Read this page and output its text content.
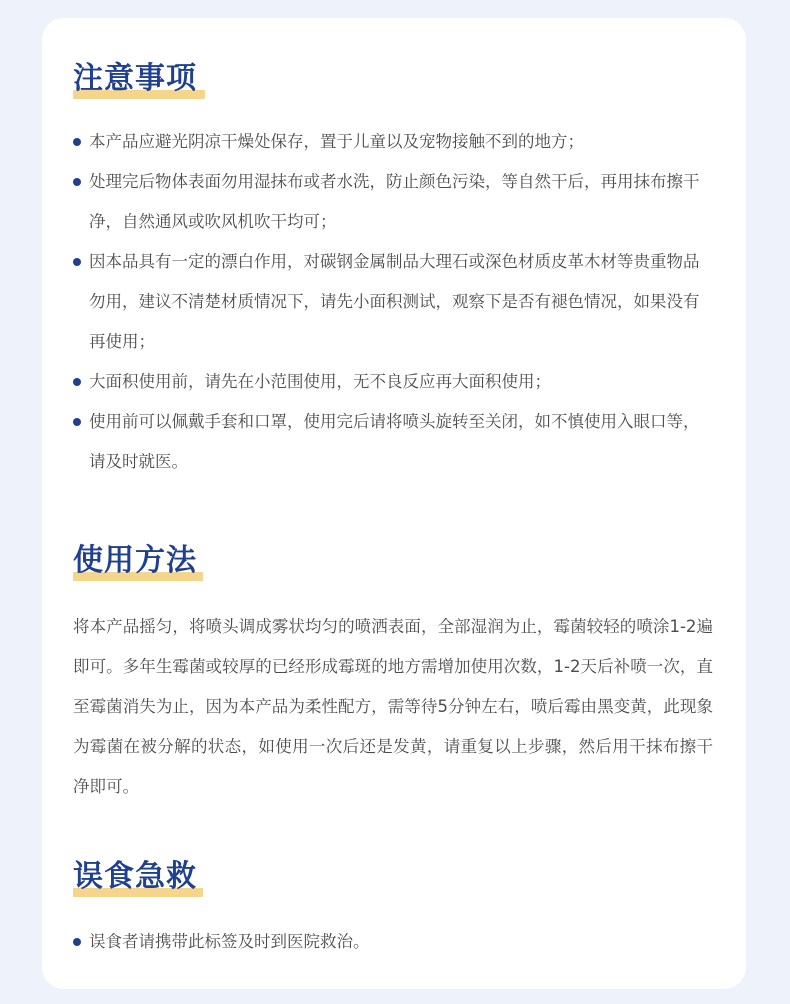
注意事项
本产品应避光阴凉干燥处保存，置于儿童以及宠物接触不到的地方；
处理完后物体表面勿用湿抹布或者水洗，防止颜色污染，等自然干后，再用抹布擦干净，自然通风或吹风机吹干均可；
因本品具有一定的漂白作用，对碳钢金属制品大理石或深色材质皮革木材等贵重物品勿用，建议不清楚材质情况下，请先小面积测试，观察下是否有褪色情况，如果没有再使用；
大面积使用前，请先在小范围使用，无不良反应再大面积使用；
使用前可以佩戴手套和口罩，使用完后请将喷头旋转至关闭，如不慎使用入眼口等，请及时就医。
使用方法

将本产品摇匀，将喷头调成雾状均匀的喷洒表面，全部湿润为止，霉菌较轻的喷涂1-2遍即可。多年生霉菌或较厚的已经形成霉斑的地方需增加使用次数，1-2天后补喷一次，直至霉菌消失为止，因为本产品为柔性配方，需等待5分钟左右，喷后霉由黑变黄，此现象为霉菌在被分解的状态，如使用一次后还是发黄，请重复以上步骤，然后用干抹布擦干净即可。

误食急救
误食者请携带此标签及时到医院救治。
